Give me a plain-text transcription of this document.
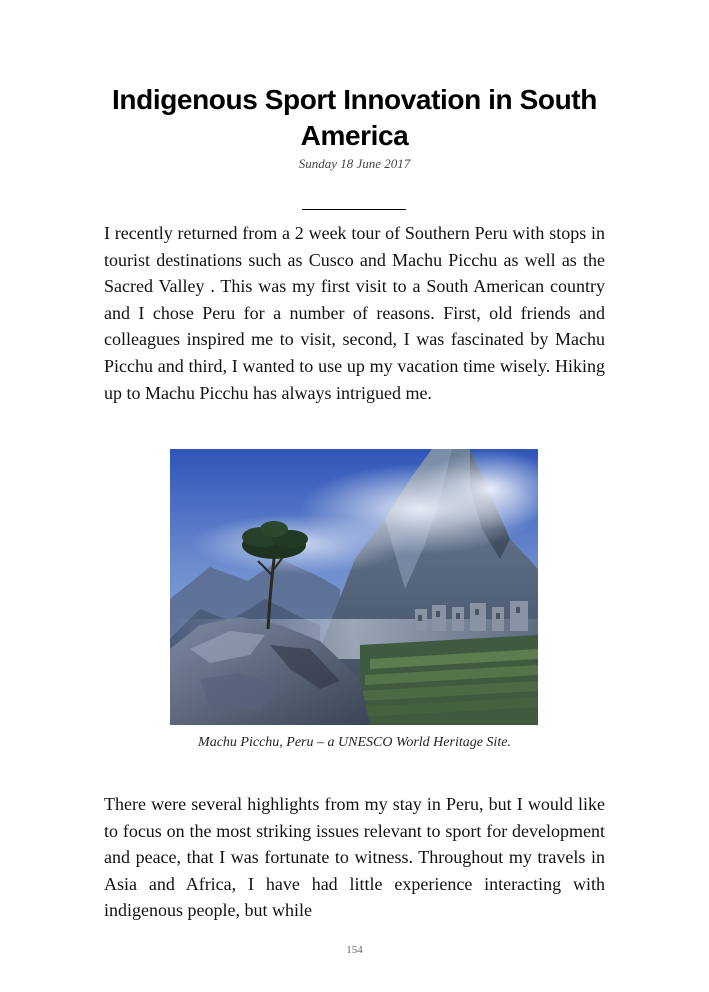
Indigenous Sport Innovation in South America
Sunday 18 June 2017

I recently returned from a 2 week tour of Southern Peru with stops in tourist destinations such as Cusco and Machu Picchu as well as the Sacred Valley . This was my first visit to a South American country and I chose Peru for a number of reasons. First, old friends and colleagues inspired me to visit, second, I was fascinated by Machu Picchu and third, I wanted to use up my vacation time wisely. Hiking up to Machu Picchu has always intrigued me.

Machu Picchu, Peru – a UNESCO World Heritage Site.

There were several highlights from my stay in Peru, but I would like to focus on the most striking issues relevant to sport for development and peace, that I was fortunate to witness. Throughout my travels in Asia and Africa, I have had little experience interacting with indigenous people, but while

154
